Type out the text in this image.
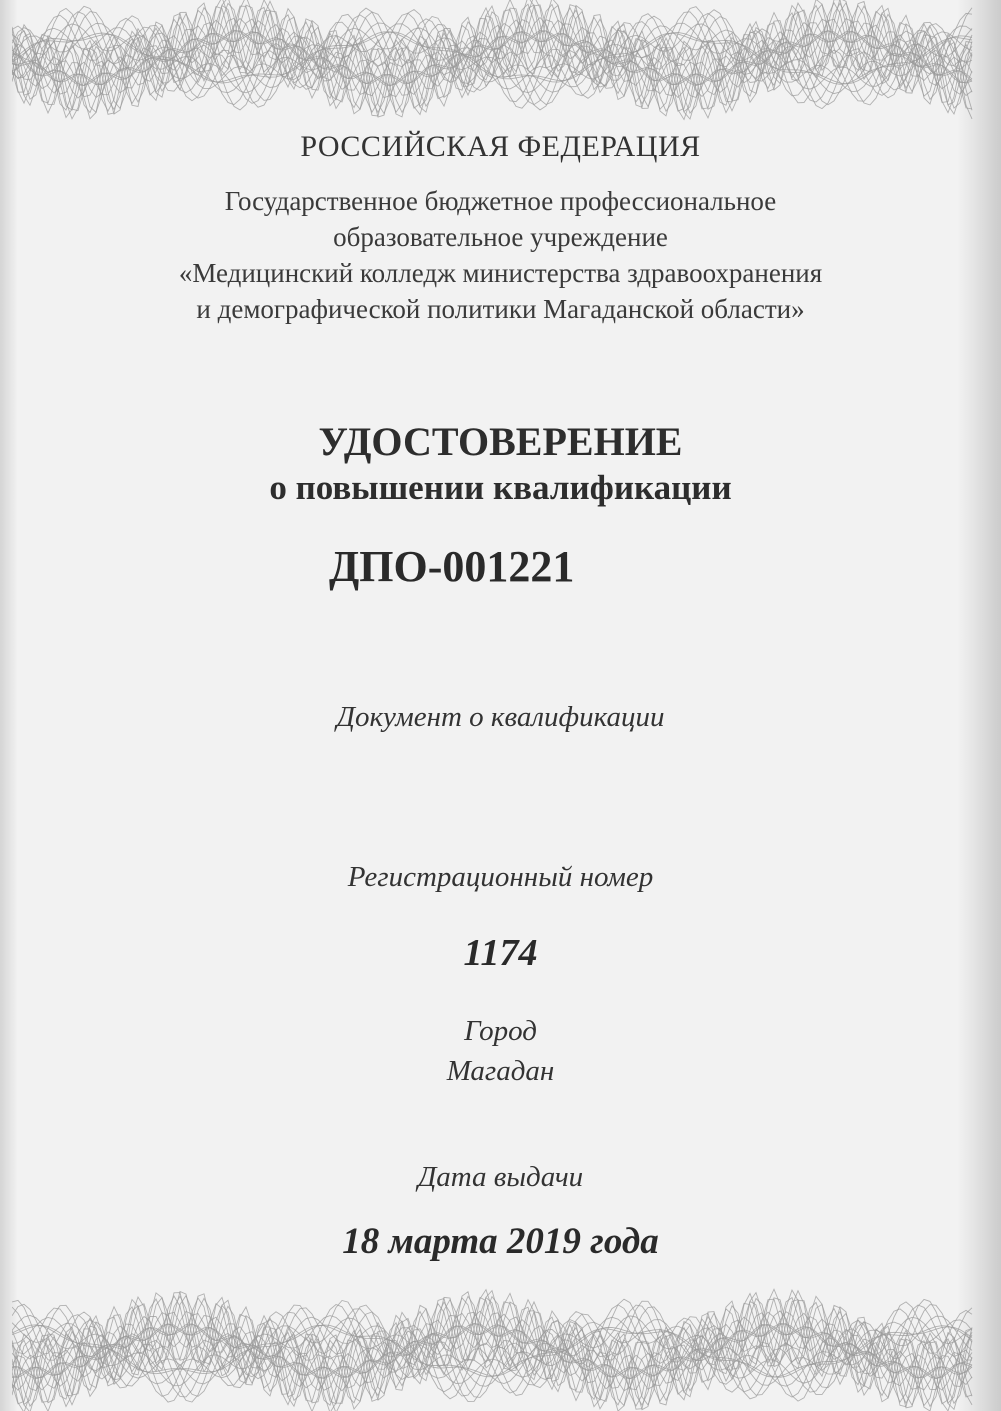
РОССИЙСКАЯ ФЕДЕРАЦИЯ
Государственное бюджетное профессиональное
образовательное учреждение
«Медицинский колледж министерства здравоохранения
и демографической политики Магаданской области»
УДОСТОВЕРЕНИЕ
о повышении квалификации
ДПО-001221
Документ о квалификации
Регистрационный номер
1174
Город
Магадан
Дата выдачи
18 марта 2019 года
